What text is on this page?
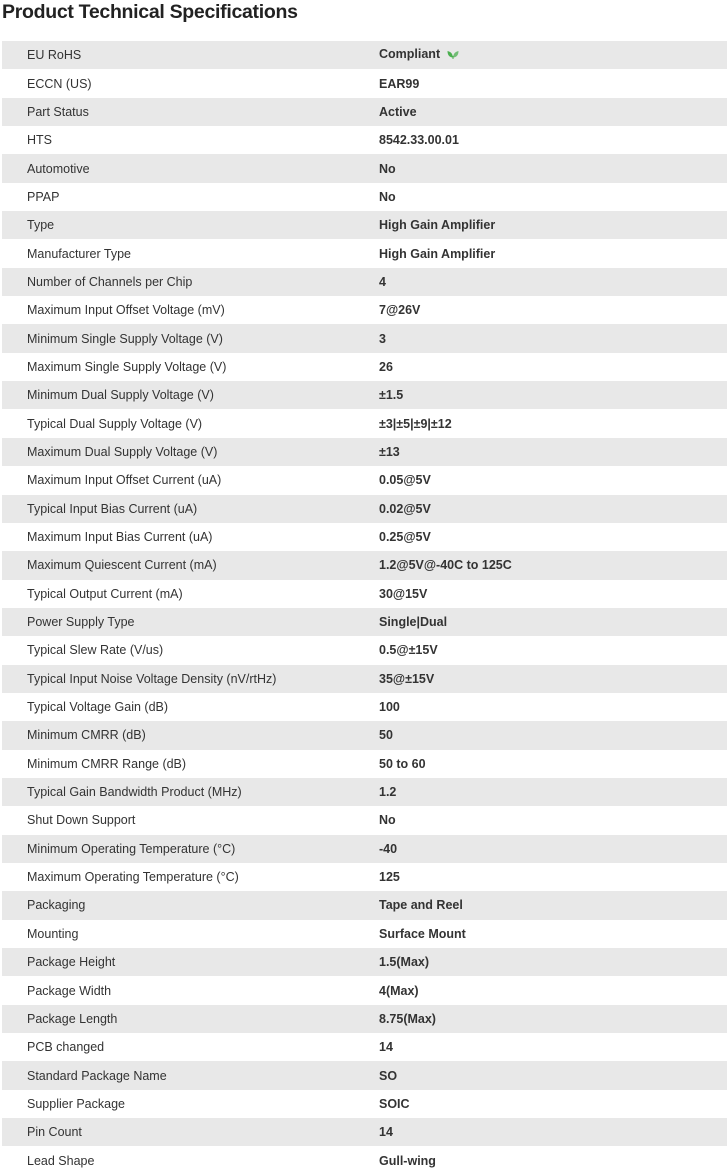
Product Technical Specifications
EU RoHS	Compliant
ECCN (US)	EAR99
Part Status	Active
HTS	8542.33.00.01
Automotive	No
PPAP	No
Type	High Gain Amplifier
Manufacturer Type	High Gain Amplifier
Number of Channels per Chip	4
Maximum Input Offset Voltage (mV)	7@26V
Minimum Single Supply Voltage (V)	3
Maximum Single Supply Voltage (V)	26
Minimum Dual Supply Voltage (V)	±1.5
Typical Dual Supply Voltage (V)	±3|±5|±9|±12
Maximum Dual Supply Voltage (V)	±13
Maximum Input Offset Current (uA)	0.05@5V
Typical Input Bias Current (uA)	0.02@5V
Maximum Input Bias Current (uA)	0.25@5V
Maximum Quiescent Current (mA)	1.2@5V@-40C to 125C
Typical Output Current (mA)	30@15V
Power Supply Type	Single|Dual
Typical Slew Rate (V/us)	0.5@±15V
Typical Input Noise Voltage Density (nV/rtHz)	35@±15V
Typical Voltage Gain (dB)	100
Minimum CMRR (dB)	50
Minimum CMRR Range (dB)	50 to 60
Typical Gain Bandwidth Product (MHz)	1.2
Shut Down Support	No
Minimum Operating Temperature (°C)	-40
Maximum Operating Temperature (°C)	125
Packaging	Tape and Reel
Mounting	Surface Mount
Package Height	1.5(Max)
Package Width	4(Max)
Package Length	8.75(Max)
PCB changed	14
Standard Package Name	SO
Supplier Package	SOIC
Pin Count	14
Lead Shape	Gull-wing
